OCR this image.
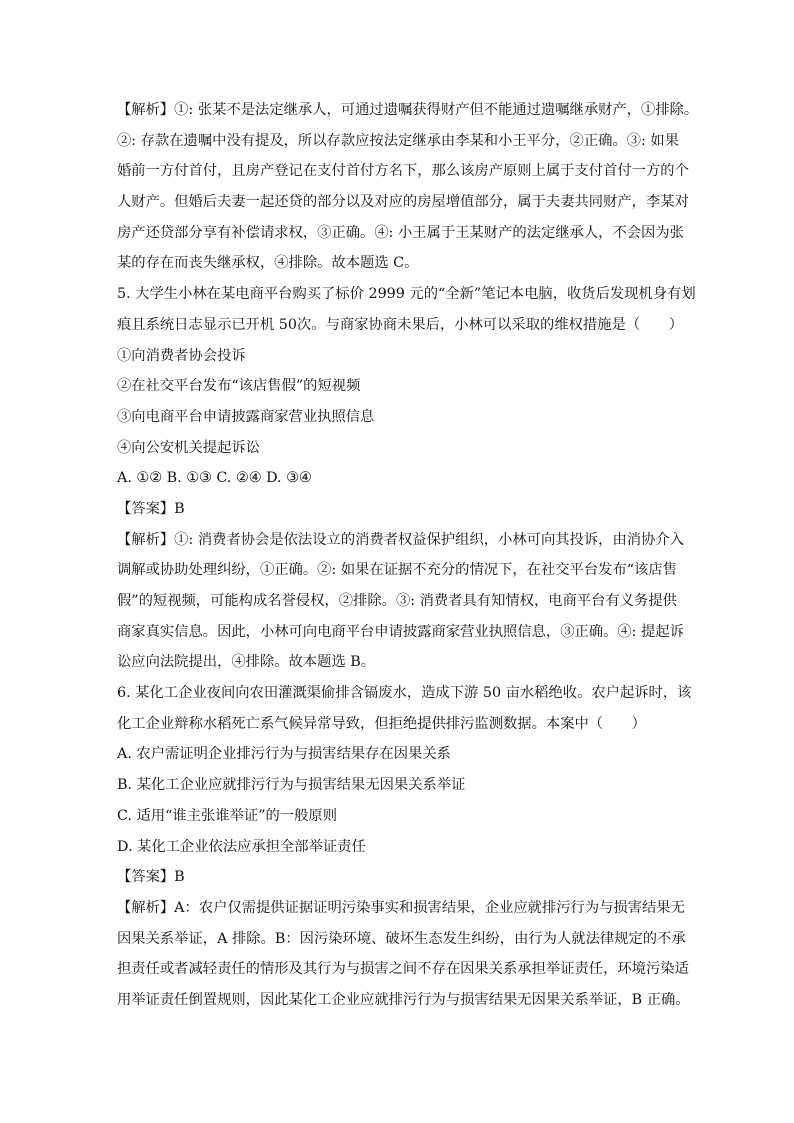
【解析】①: 张某不是法定继承人，可通过遗嘱获得财产但不能通过遗嘱继承财产，①排除。
②: 存款在遗嘱中没有提及，所以存款应按法定继承由李某和小王平分，②正确。③: 如果
婚前一方付首付，且房产登记在支付首付方名下，那么该房产原则上属于支付首付一方的个
人财产。但婚后夫妻一起还贷的部分以及对应的房屋增值部分，属于夫妻共同财产，李某对
房产还贷部分享有补偿请求权，③正确。④: 小王属于王某财产的法定继承人，不会因为张
某的存在而丧失继承权，④排除。故本题选 C。
5. 大学生小林在某电商平台购买了标价 2999 元的“全新”笔记本电脑，收货后发现机身有划
痕且系统日志显示已开机 50次。与商家协商未果后，小林可以采取的维权措施是（　　）
①向消费者协会投诉
②在社交平台发布“该店售假”的短视频
③向电商平台申请披露商家营业执照信息
④向公安机关提起诉讼
A. ①② B. ①③ C. ②④ D. ③④
【答案】B
【解析】①: 消费者协会是依法设立的消费者权益保护组织，小林可向其投诉，由消协介入
调解或协助处理纠纷，①正确。②: 如果在证据不充分的情况下，在社交平台发布“该店售
假”的短视频，可能构成名誉侵权，②排除。③: 消费者具有知情权，电商平台有义务提供
商家真实信息。因此，小林可向电商平台申请披露商家营业执照信息，③正确。④: 提起诉
讼应向法院提出，④排除。故本题选 B。
6. 某化工企业夜间向农田灌溉渠偷排含镉废水，造成下游 50 亩水稻绝收。农户起诉时，该
化工企业辩称水稻死亡系气候异常导致，但拒绝提供排污监测数据。本案中（　　）
A. 农户需证明企业排污行为与损害结果存在因果关系
B. 某化工企业应就排污行为与损害结果无因果关系举证
C. 适用“谁主张谁举证”的一般原则
D. 某化工企业依法应承担全部举证责任
【答案】B
【解析】A：农户仅需提供证据证明污染事实和损害结果，企业应就排污行为与损害结果无
因果关系举证，A 排除。B：因污染环境、破坏生态发生纠纷，由行为人就法律规定的不承
担责任或者减轻责任的情形及其行为与损害之间不存在因果关系承担举证责任，环境污染适
用举证责任倒置规则，因此某化工企业应就排污行为与损害结果无因果关系举证，B 正确。
